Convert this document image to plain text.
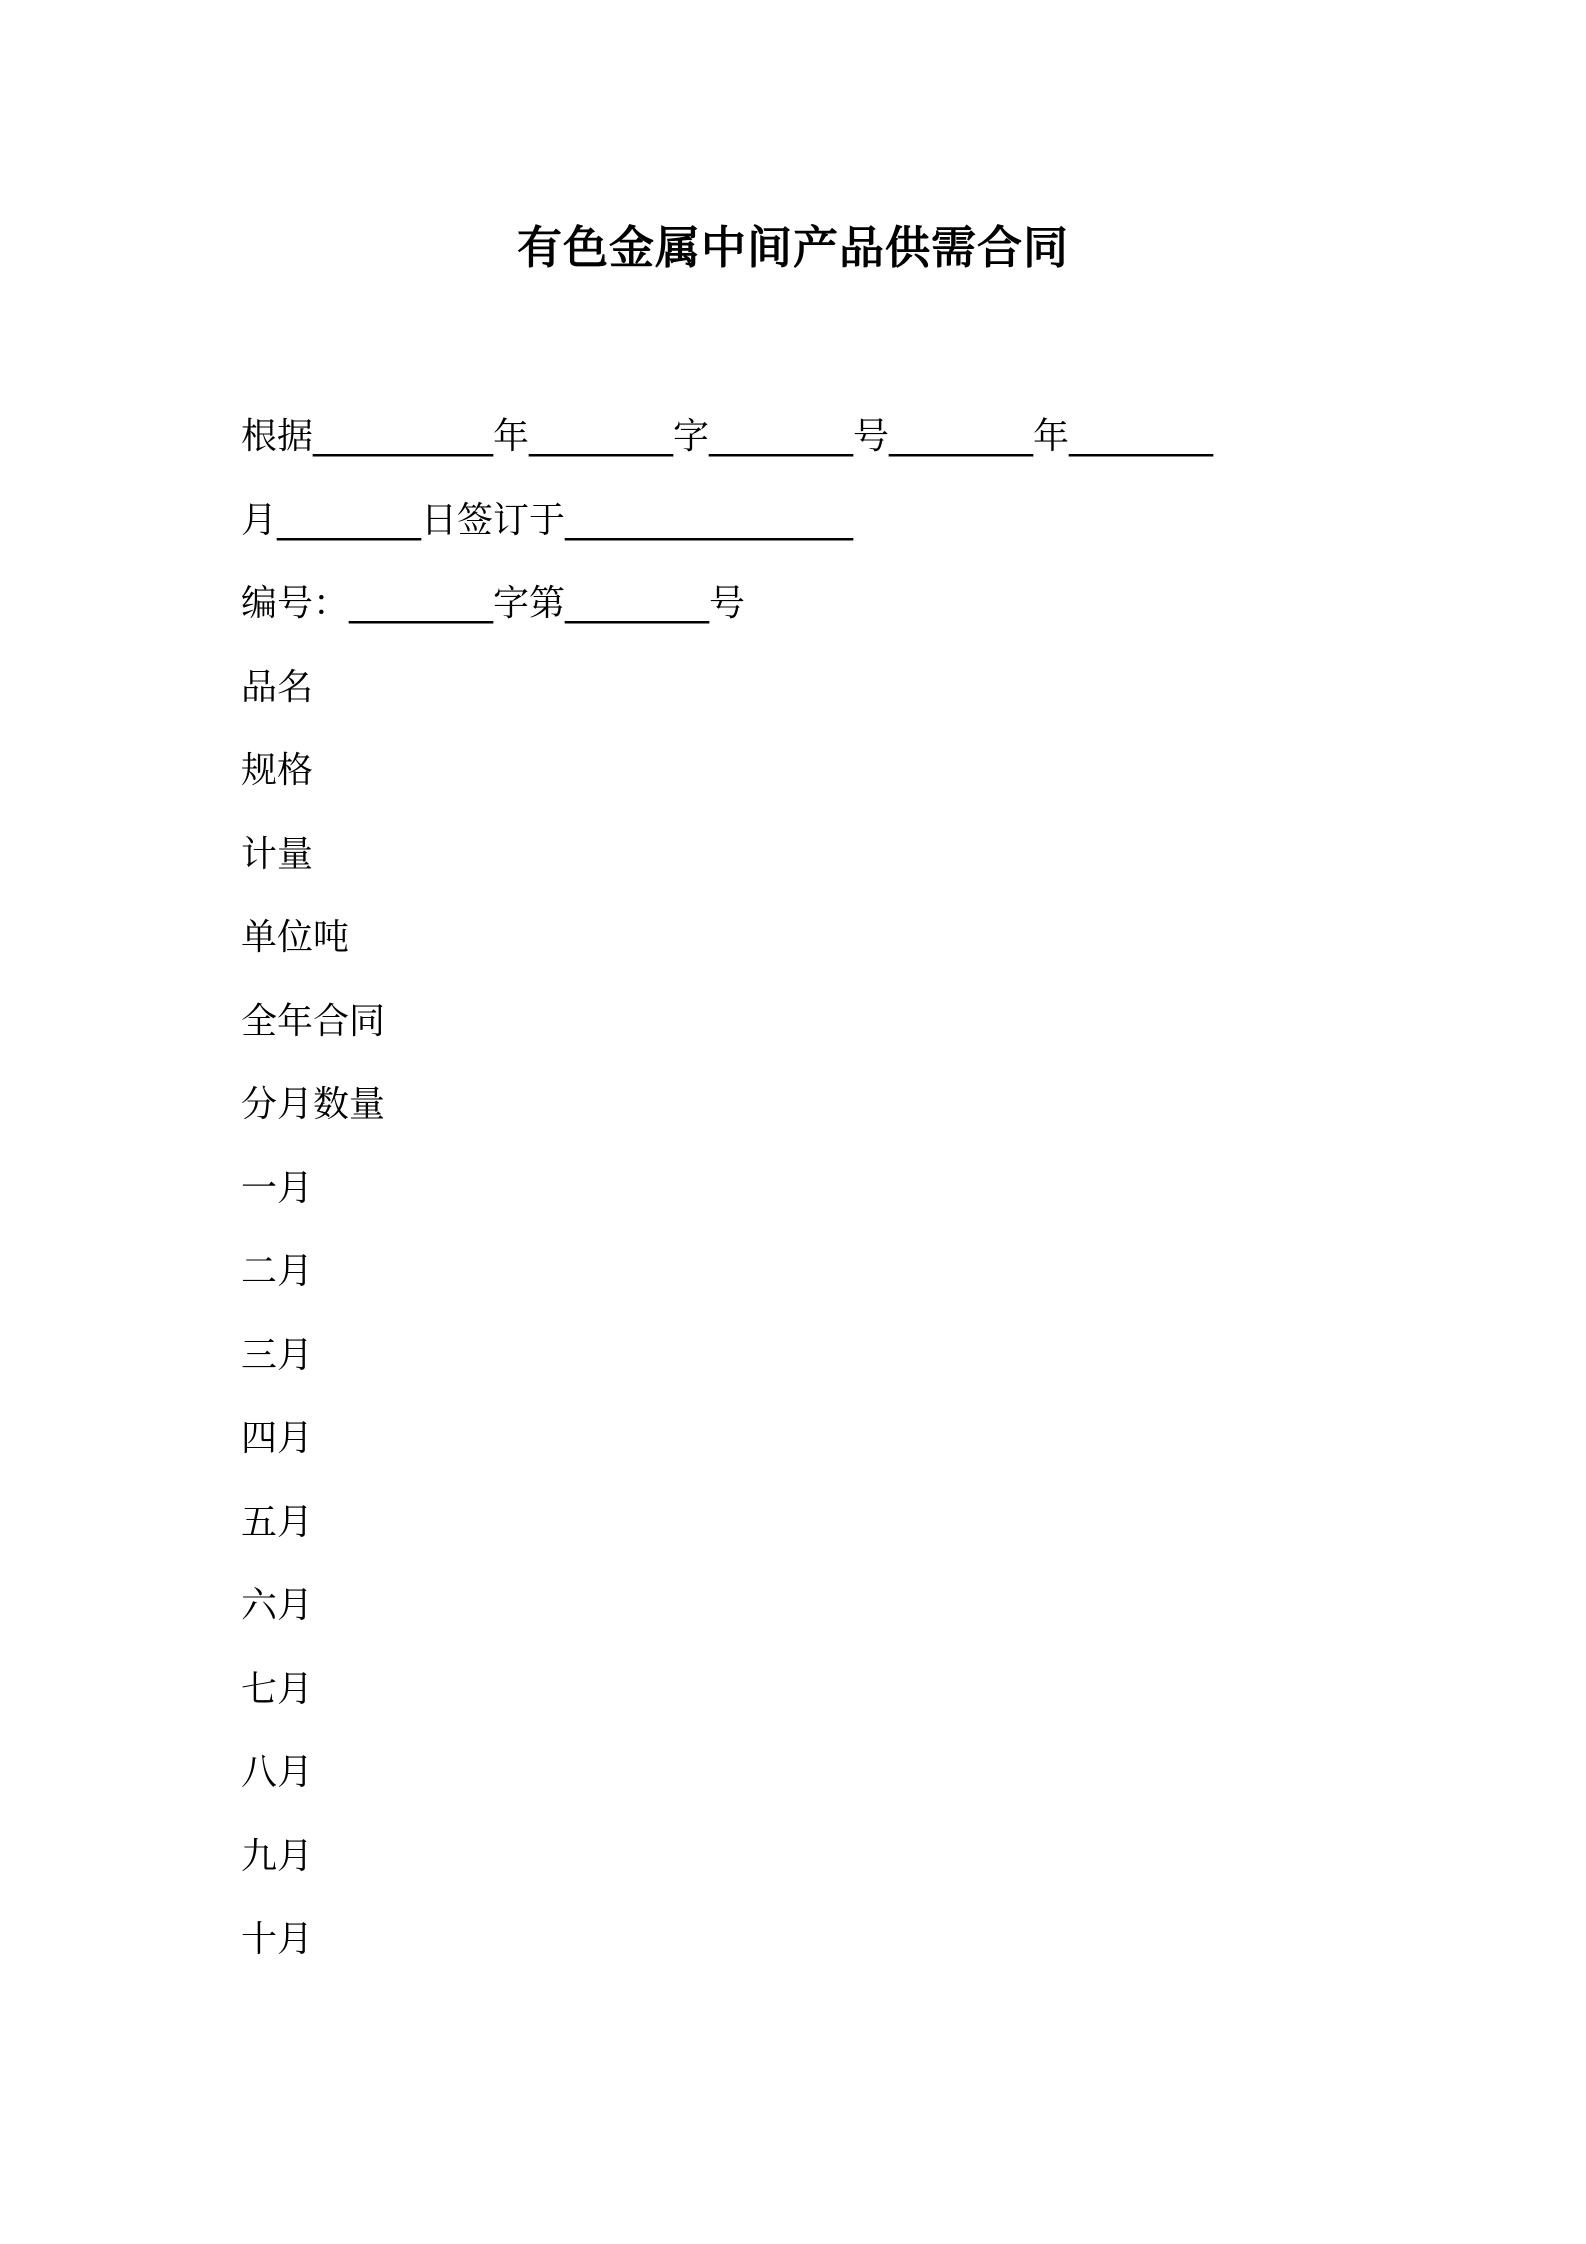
有色金属中间产品供需合同

根据__________年________字________号________年________

月________日签订于________________

编号：________字第________号

品名

规格

计量

单位吨

全年合同

分月数量

一月

二月

三月

四月

五月

六月

七月

八月

九月

十月
